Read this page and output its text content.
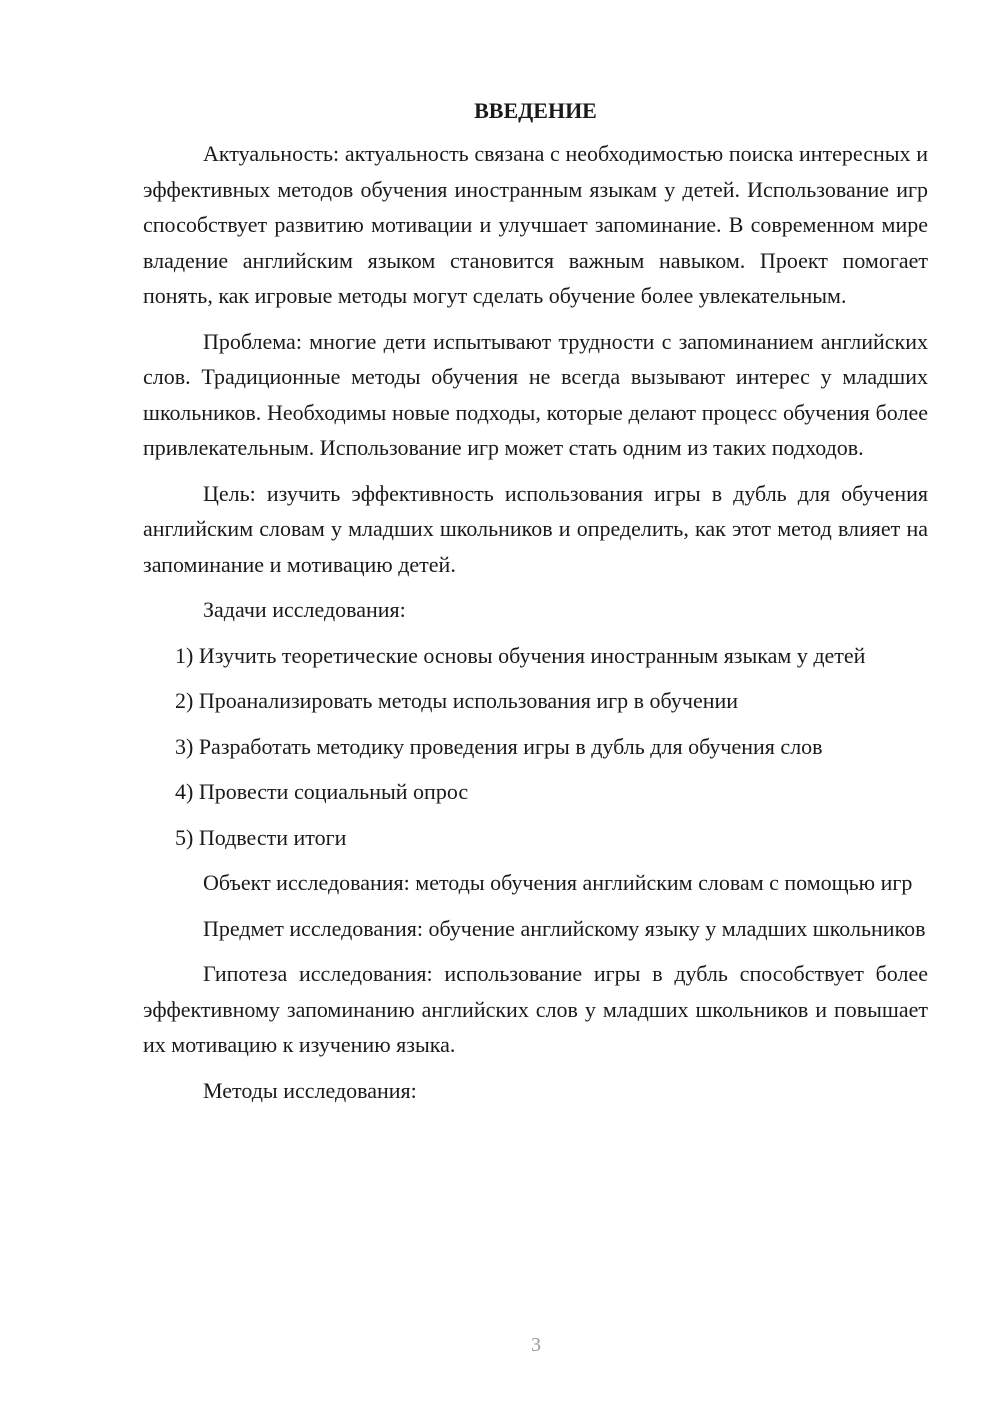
ВВЕДЕНИЕ

Актуальность: актуальность связана с необходимостью поиска интересных и эффективных методов обучения иностранным языкам у детей. Использование игр способствует развитию мотивации и улучшает запоминание. В современном мире владение английским языком становится важным навыком. Проект помогает понять, как игровые методы могут сделать обучение более увлекательным.

Проблема: многие дети испытывают трудности с запоминанием английских слов. Традиционные методы обучения не всегда вызывают интерес у младших школьников. Необходимы новые подходы, которые делают процесс обучения более привлекательным. Использование игр может стать одним из таких подходов.

Цель: изучить эффективность использования игры в дубль для обучения английским словам у младших школьников и определить, как этот метод влияет на запоминание и мотивацию детей.

Задачи исследования:

1) Изучить теоретические основы обучения иностранным языкам у детей

2) Проанализировать методы использования игр в обучении

3) Разработать методику проведения игры в дубль для обучения слов

4) Провести социальный опрос

5) Подвести итоги

Объект исследования: методы обучения английским словам с помощью игр

Предмет исследования: обучение английскому языку у младших школьников

Гипотеза исследования: использование игры в дубль способствует более эффективному запоминанию английских слов у младших школьников и повышает их мотивацию к изучению языка.

Методы исследования:

3
